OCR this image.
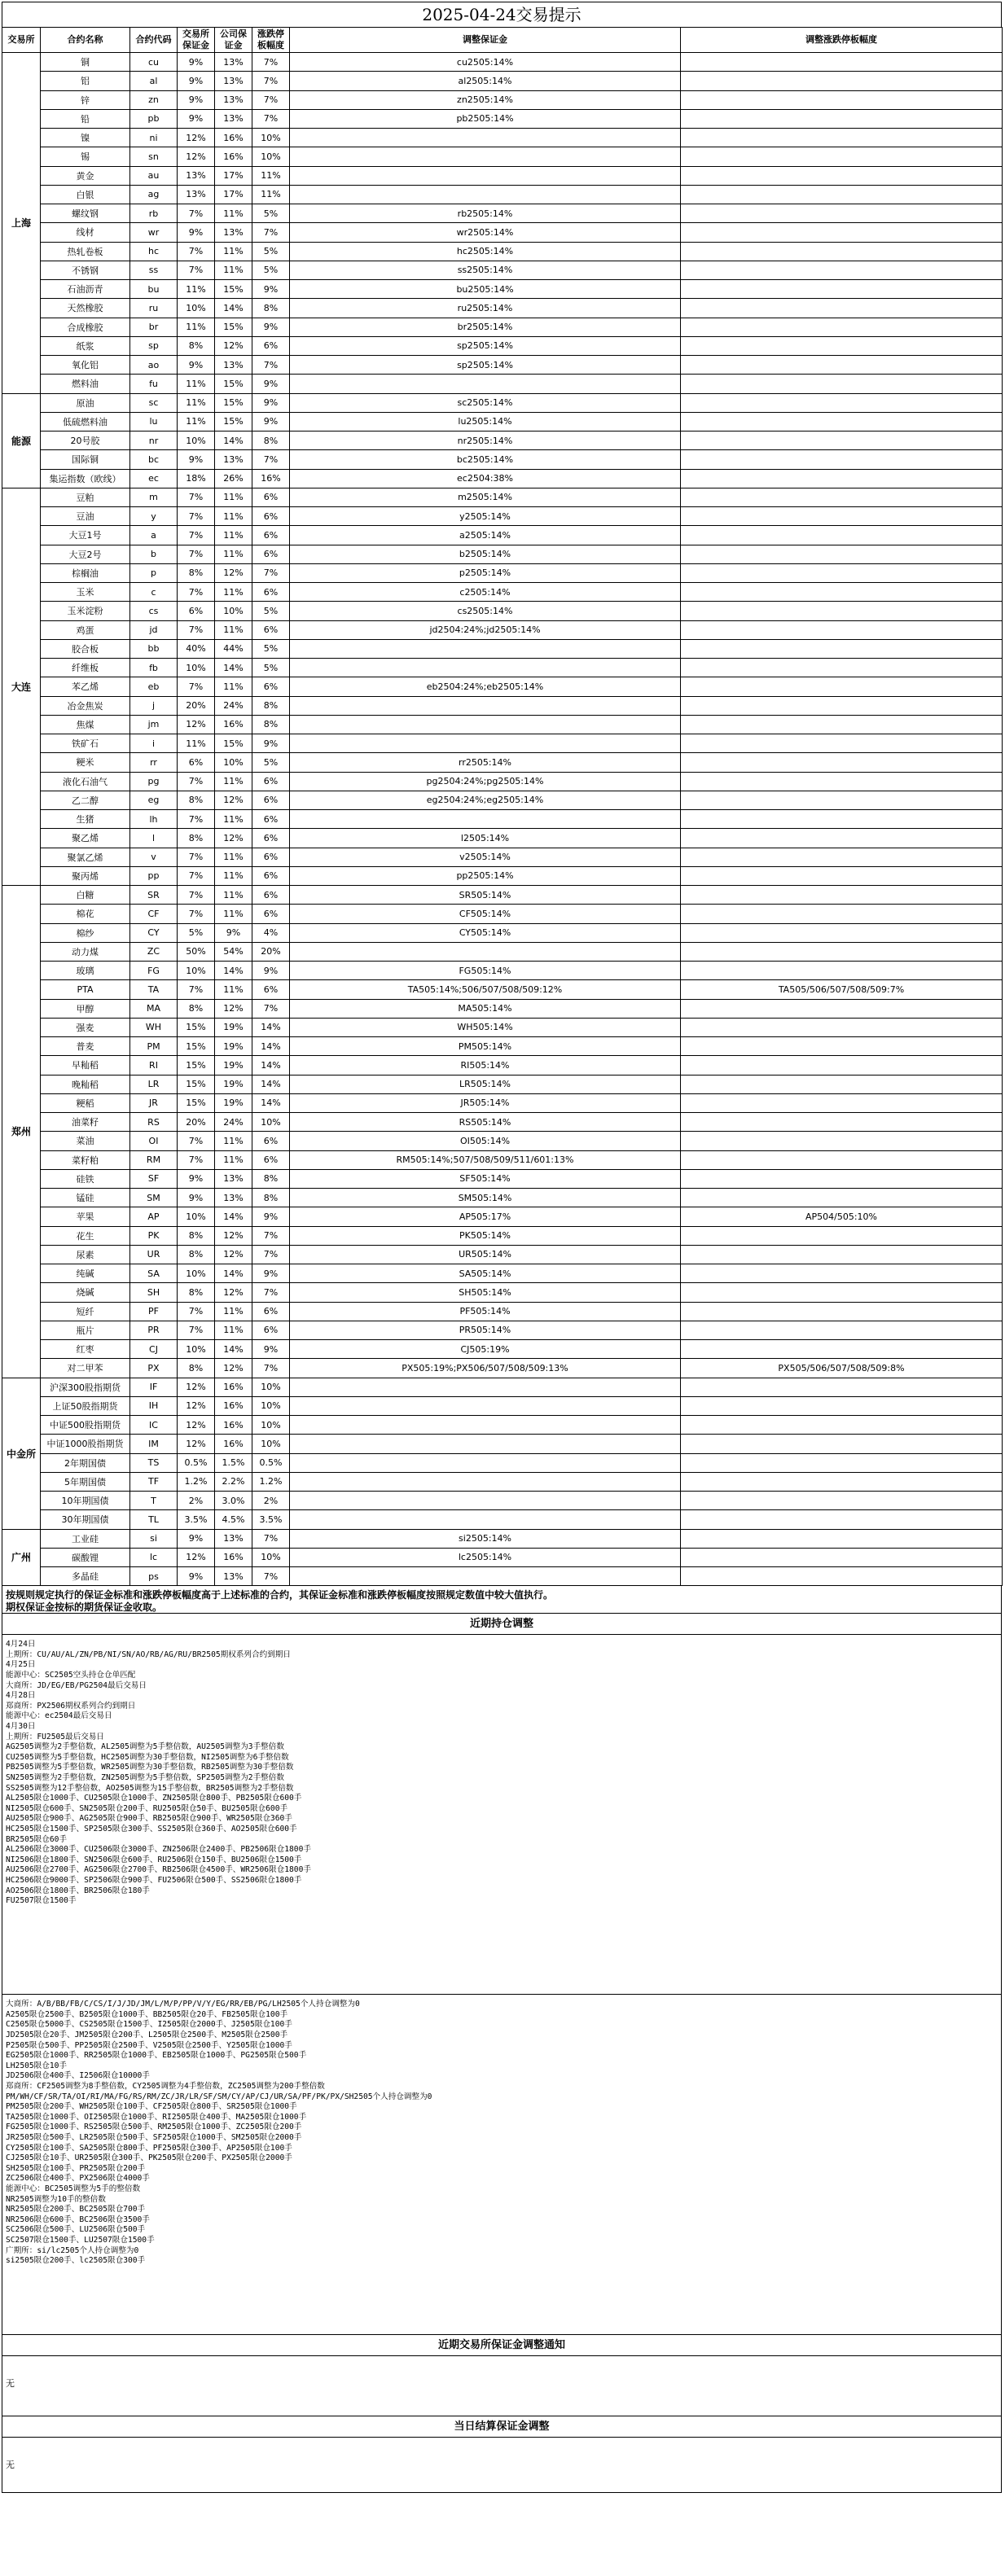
2025-04-24交易提示
交易所	合约名称	合约代码	交易所保证金	公司保证金	涨跌停板幅度	调整保证金	调整涨跌停板幅度
上海	铜	cu	9%	13%	7%	cu2505:14%	
	铝	al	9%	13%	7%	al2505:14%	
	锌	zn	9%	13%	7%	zn2505:14%	
	铅	pb	9%	13%	7%	pb2505:14%	
	镍	ni	12%	16%	10%		
	锡	sn	12%	16%	10%		
	黄金	au	13%	17%	11%		
	白银	ag	13%	17%	11%		
	螺纹钢	rb	7%	11%	5%	rb2505:14%	
	线材	wr	9%	13%	7%	wr2505:14%	
	热轧卷板	hc	7%	11%	5%	hc2505:14%	
	不锈钢	ss	7%	11%	5%	ss2505:14%	
	石油沥青	bu	11%	15%	9%	bu2505:14%	
	天然橡胶	ru	10%	14%	8%	ru2505:14%	
	合成橡胶	br	11%	15%	9%	br2505:14%	
	纸浆	sp	8%	12%	6%	sp2505:14%	
	氧化铝	ao	9%	13%	7%	sp2505:14%	
	燃料油	fu	11%	15%	9%		
能源	原油	sc	11%	15%	9%	sc2505:14%	
	低硫燃料油	lu	11%	15%	9%	lu2505:14%	
	20号胶	nr	10%	14%	8%	nr2505:14%	
	国际铜	bc	9%	13%	7%	bc2505:14%	
	集运指数（欧线）	ec	18%	26%	16%	ec2504:38%	
大连	豆粕	m	7%	11%	6%	m2505:14%	
	豆油	y	7%	11%	6%	y2505:14%	
	大豆1号	a	7%	11%	6%	a2505:14%	
	大豆2号	b	7%	11%	6%	b2505:14%	
	棕榈油	p	8%	12%	7%	p2505:14%	
	玉米	c	7%	11%	6%	c2505:14%	
	玉米淀粉	cs	6%	10%	5%	cs2505:14%	
	鸡蛋	jd	7%	11%	6%	jd2504:24%;jd2505:14%	
	胶合板	bb	40%	44%	5%		
	纤维板	fb	10%	14%	5%		
	苯乙烯	eb	7%	11%	6%	eb2504:24%;eb2505:14%	
	冶金焦炭	j	20%	24%	8%		
	焦煤	jm	12%	16%	8%		
	铁矿石	i	11%	15%	9%		
	粳米	rr	6%	10%	5%	rr2505:14%	
	液化石油气	pg	7%	11%	6%	pg2504:24%;pg2505:14%	
	乙二醇	eg	8%	12%	6%	eg2504:24%;eg2505:14%	
	生猪	lh	7%	11%	6%		
	聚乙烯	l	8%	12%	6%	l2505:14%	
	聚氯乙烯	v	7%	11%	6%	v2505:14%	
	聚丙烯	pp	7%	11%	6%	pp2505:14%	
郑州	白糖	SR	7%	11%	6%	SR505:14%	
	棉花	CF	7%	11%	6%	CF505:14%	
	棉纱	CY	5%	9%	4%	CY505:14%	
	动力煤	ZC	50%	54%	20%		
	玻璃	FG	10%	14%	9%	FG505:14%	
	PTA	TA	7%	11%	6%	TA505:14%;506/507/508/509:12%	TA505/506/507/508/509:7%
	甲醇	MA	8%	12%	7%	MA505:14%	
	强麦	WH	15%	19%	14%	WH505:14%	
	普麦	PM	15%	19%	14%	PM505:14%	
	早籼稻	RI	15%	19%	14%	RI505:14%	
	晚籼稻	LR	15%	19%	14%	LR505:14%	
	粳稻	JR	15%	19%	14%	JR505:14%	
	油菜籽	RS	20%	24%	10%	RS505:14%	
	菜油	OI	7%	11%	6%	OI505:14%	
	菜籽粕	RM	7%	11%	6%	RM505:14%;507/508/509/511/601:13%	
	硅铁	SF	9%	13%	8%	SF505:14%	
	锰硅	SM	9%	13%	8%	SM505:14%	
	苹果	AP	10%	14%	9%	AP505:17%	AP504/505:10%
	花生	PK	8%	12%	7%	PK505:14%	
	尿素	UR	8%	12%	7%	UR505:14%	
	纯碱	SA	10%	14%	9%	SA505:14%	
	烧碱	SH	8%	12%	7%	SH505:14%	
	短纤	PF	7%	11%	6%	PF505:14%	
	瓶片	PR	7%	11%	6%	PR505:14%	
	红枣	CJ	10%	14%	9%	CJ505:19%	
	对二甲苯	PX	8%	12%	7%	PX505:19%;PX506/507/508/509:13%	PX505/506/507/508/509:8%
中金所	沪深300股指期货	IF	12%	16%	10%		
	上证50股指期货	IH	12%	16%	10%		
	中证500股指期货	IC	12%	16%	10%		
	中证1000股指期货	IM	12%	16%	10%		
	2年期国债	TS	0.5%	1.5%	0.5%		
	5年期国债	TF	1.2%	2.2%	1.2%		
	10年期国债	T	2%	3.0%	2%		
	30年期国债	TL	3.5%	4.5%	3.5%		
广州	工业硅	si	9%	13%	7%	si2505:14%	
	碳酸锂	lc	12%	16%	10%	lc2505:14%	
	多晶硅	ps	9%	13%	7%		
按规则规定执行的保证金标准和涨跌停板幅度高于上述标准的合约，其保证金标准和涨跌停板幅度按照规定数值中较大值执行。
期权保证金按标的期货保证金收取。
近期持仓调整
4月24日
上期所：CU/AU/AL/ZN/PB/NI/SN/AO/RB/AG/RU/BR2505期权系列合约到期日
4月25日
能源中心：SC2505空头持仓仓单匹配
大商所：JD/EG/EB/PG2504最后交易日
4月28日
郑商所：PX2506期权系列合约到期日
能源中心：ec2504最后交易日
4月30日
上期所：FU2505最后交易日
AG2505调整为2手整倍数，AL2505调整为5手整倍数，AU2505调整为3手整倍数
CU2505调整为5手整倍数，HC2505调整为30手整倍数，NI2505调整为6手整倍数
PB2505调整为5手整倍数，WR2505调整为30手整倍数，RB2505调整为30手整倍数
SN2505调整为2手整倍数，ZN2505调整为5手整倍数，SP2505调整为2手整倍数
SS2505调整为12手整倍数，AO2505调整为15手整倍数，BR2505调整为2手整倍数
AL2505限仓1000手、CU2505限仓1000手、ZN2505限仓800手、PB2505限仓600手
NI2505限仓600手、SN2505限仓200手、RU2505限仓50手、BU2505限仓600手
AU2505限仓900手、AG2505限仓900手、RB2505限仓900手、WR2505限仓360手
HC2505限仓1500手、SP2505限仓300手、SS2505限仓360手、AO2505限仓600手
BR2505限仓60手
AL2506限仓3000手、CU2506限仓3000手、ZN2506限仓2400手、PB2506限仓1800手
NI2506限仓1800手、SN2506限仓600手、RU2506限仓150手、BU2506限仓1500手
AU2506限仓2700手、AG2506限仓2700手、RB2506限仓4500手、WR2506限仓1800手
HC2506限仓9000手、SP2506限仓900手、FU2506限仓500手、SS2506限仓1800手
AO2506限仓1800手、BR2506限仓180手
FU2507限仓1500手
大商所：A/B/BB/FB/C/CS/I/J/JD/JM/L/M/P/PP/V/Y/EG/RR/EB/PG/LH2505个人持仓调整为0
A2505限仓2500手、B2505限仓1000手、BB2505限仓20手、FB2505限仓100手
C2505限仓5000手、CS2505限仓1500手、I2505限仓2000手、J2505限仓100手
JD2505限仓20手、JM2505限仓200手、L2505限仓2500手、M2505限仓2500手
P2505限仓500手、PP2505限仓2500手、V2505限仓2500手、Y2505限仓1000手
EG2505限仓1000手、RR2505限仓1000手、EB2505限仓1000手、PG2505限仓500手
LH2505限仓10手
JD2506限仓400手、I2506限仓10000手
郑商所：CF2505调整为8手整倍数，CY2505调整为4手整倍数，ZC2505调整为200手整倍数
PM/WH/CF/SR/TA/OI/RI/MA/FG/RS/RM/ZC/JR/LR/SF/SM/CY/AP/CJ/UR/SA/PF/PK/PX/SH2505个人持仓调整为0
PM2505限仓200手、WH2505限仓100手、CF2505限仓800手、SR2505限仓1000手
TA2505限仓1000手、OI2505限仓1000手、RI2505限仓400手、MA2505限仓1000手
FG2505限仓1000手、RS2505限仓500手、RM2505限仓1000手、ZC2505限仓200手
JR2505限仓500手、LR2505限仓500手、SF2505限仓1000手、SM2505限仓2000手
CY2505限仓100手、SA2505限仓800手、PF2505限仓300手、AP2505限仓100手
CJ2505限仓10手、UR2505限仓300手、PK2505限仓200手、PX2505限仓2000手
SH2505限仓100手、PR2505限仓200手
ZC2506限仓400手、PX2506限仓4000手
能源中心：BC2505调整为5手的整倍数
NR2505调整为10手的整倍数
NR2505限仓200手、BC2505限仓700手
NR2506限仓600手、BC2506限仓3500手
SC2506限仓500手、LU2506限仓500手
SC2507限仓1500手、LU2507限仓1500手
广期所：si/lc2505个人持仓调整为0
si2505限仓200手、lc2505限仓300手
近期交易所保证金调整通知
无
当日结算保证金调整
无
